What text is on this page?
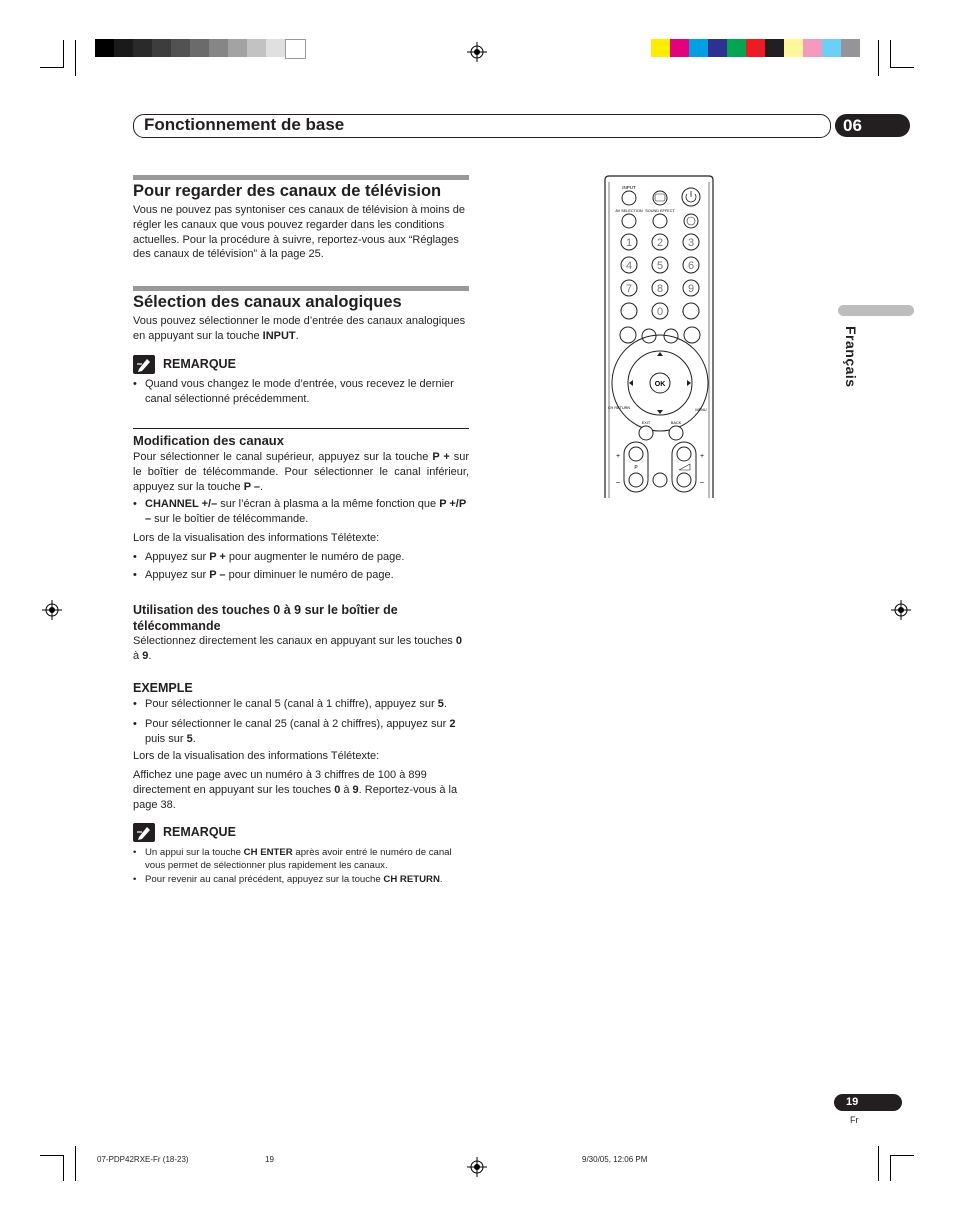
Fonctionnement de base	06
Français
Pour regarder des canaux de télévision
Vous ne pouvez pas syntoniser ces canaux de télévision à moins de régler les canaux que vous pouvez regarder dans les conditions actuelles. Pour la procédure à suivre, reportez-vous aux “Réglages des canaux de télévision” à la page 25.
Sélection des canaux analogiques
Vous pouvez sélectionner le mode d’entrée des canaux analogiques en appuyant sur la touche INPUT.
REMARQUE
• Quand vous changez le mode d’entrée, vous recevez le dernier canal sélectionné précédemment.
Modification des canaux
Pour sélectionner le canal supérieur, appuyez sur la touche P + sur le boîtier de télécommande. Pour sélectionner le canal inférieur, appuyez sur la touche P –.
• CHANNEL +/– sur l’écran à plasma a la même fonction que P +/P – sur le boîtier de télécommande.
Lors de la visualisation des informations Télétexte:
• Appuyez sur P + pour augmenter le numéro de page.
• Appuyez sur P – pour diminuer le numéro de page.
Utilisation des touches 0 à 9 sur le boîtier de télécommande
Sélectionnez directement les canaux en appuyant sur les touches 0 à 9.
EXEMPLE
• Pour sélectionner le canal 5 (canal à 1 chiffre), appuyez sur 5.
• Pour sélectionner le canal 25 (canal à 2 chiffres), appuyez sur 2 puis sur 5.
Lors de la visualisation des informations Télétexte:
Affichez une page avec un numéro à 3 chiffres de 100 à 899 directement en appuyant sur les touches 0 à 9. Reportez-vous à la page 38.
REMARQUE
• Un appui sur la touche CH ENTER après avoir entré le numéro de canal vous permet de sélectionner plus rapidement les canaux.
• Pour revenir au canal précédent, appuyez sur la touche CH RETURN.
INPUT
AV SELECTION SOUND EFFECT
1 2 3
4 5 6
7 8 9
0
OK
CH RETURN	MENU
EXIT	BACK
P
+	+
–	–
19
Fr
07-PDP42RXE-Fr (18-23)	19	9/30/05, 12:06 PM
